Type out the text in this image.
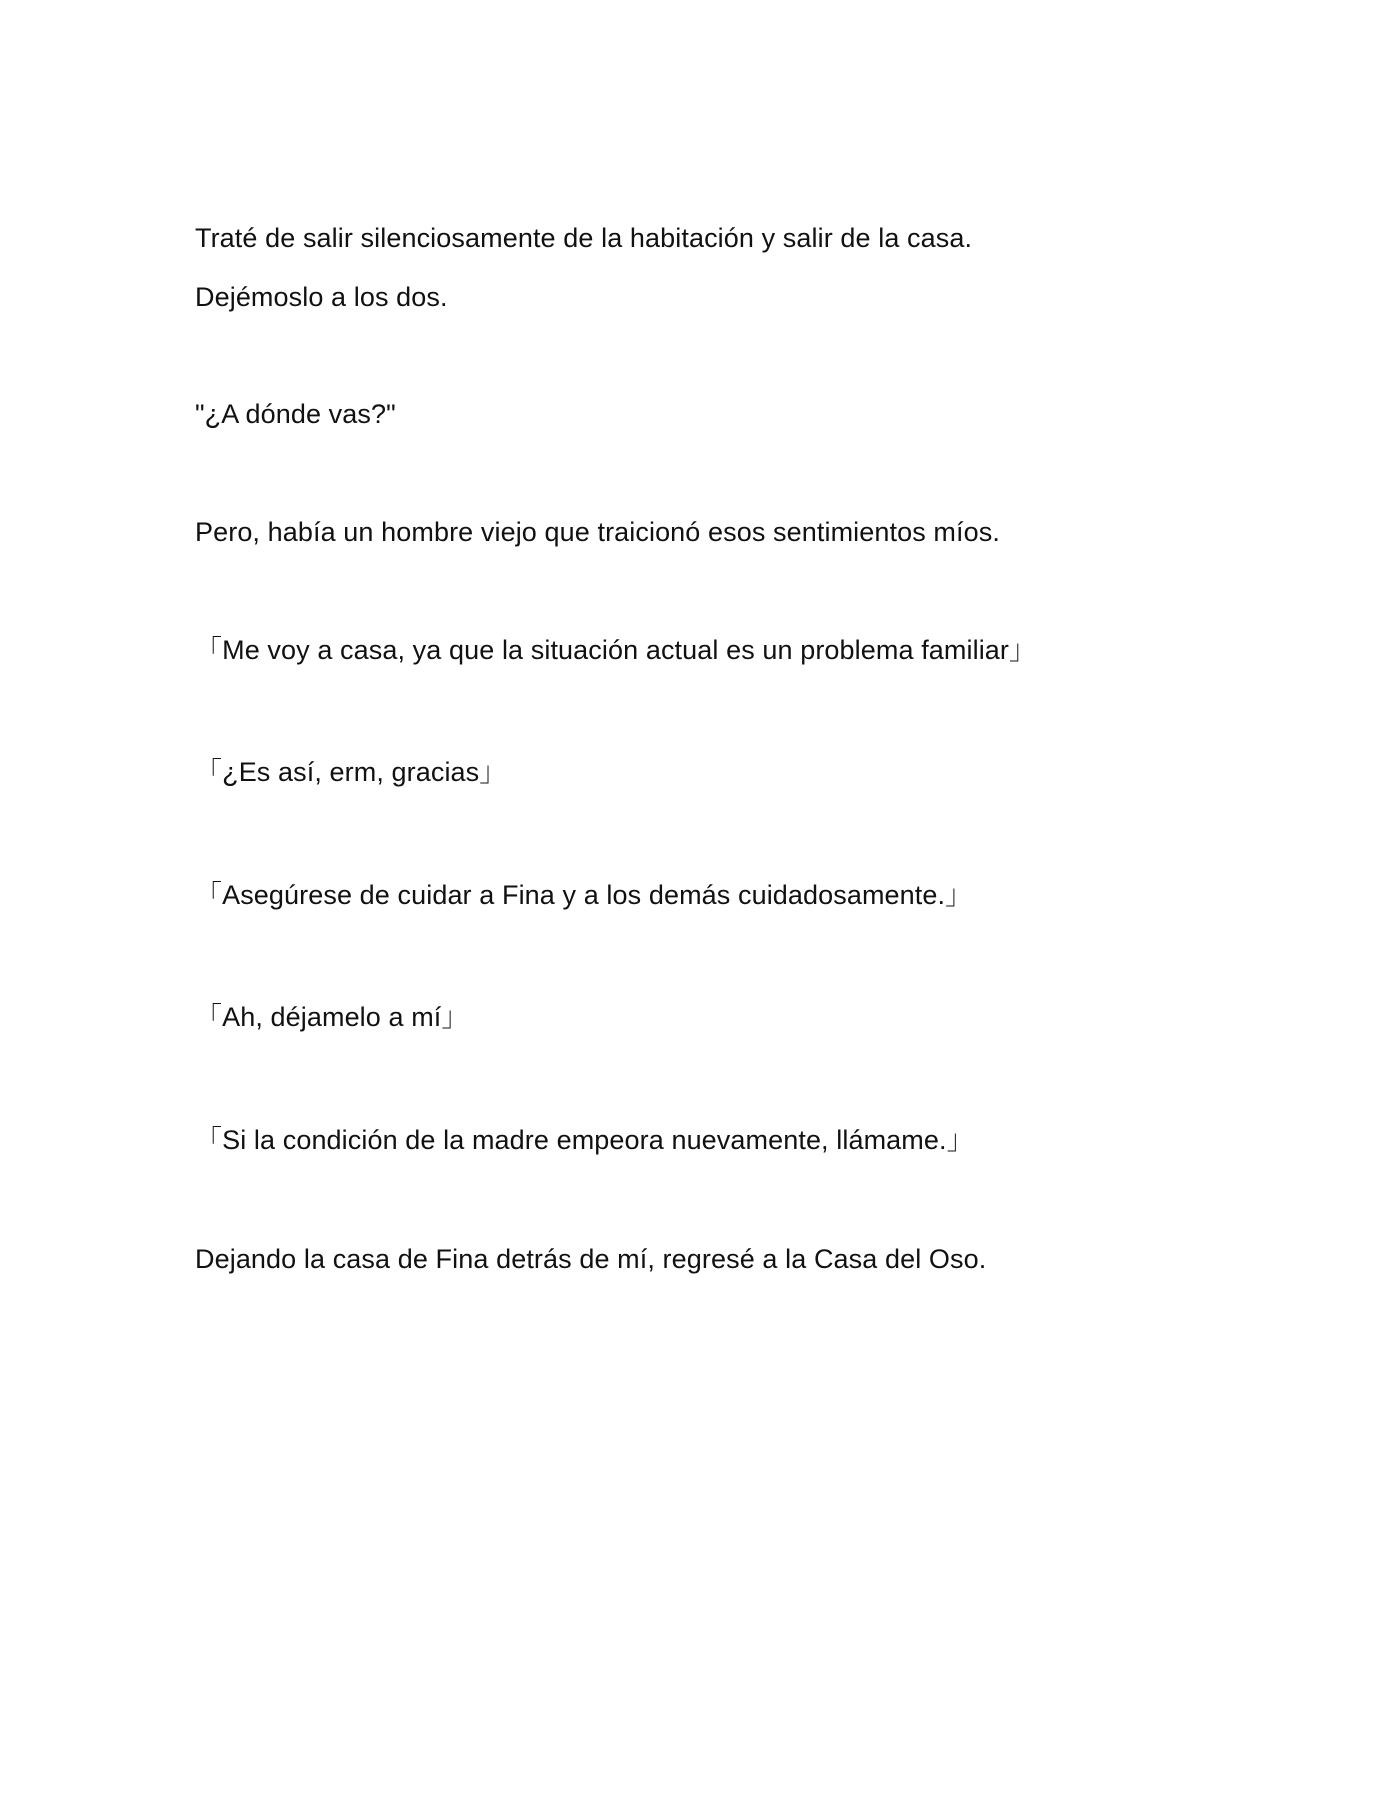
Traté de salir silenciosamente de la habitación y salir de la casa.
Dejémoslo a los dos.
"¿A dónde vas?"
Pero, había un hombre viejo que traicionó esos sentimientos míos.
「Me voy a casa, ya que la situación actual es un problema familiar」
「¿Es así, erm, gracias」
「Asegúrese de cuidar a Fina y a los demás cuidadosamente.」
「Ah, déjamelo a mí」
「Si la condición de la madre empeora nuevamente, llámame.」
Dejando la casa de Fina detrás de mí, regresé a la Casa del Oso.
